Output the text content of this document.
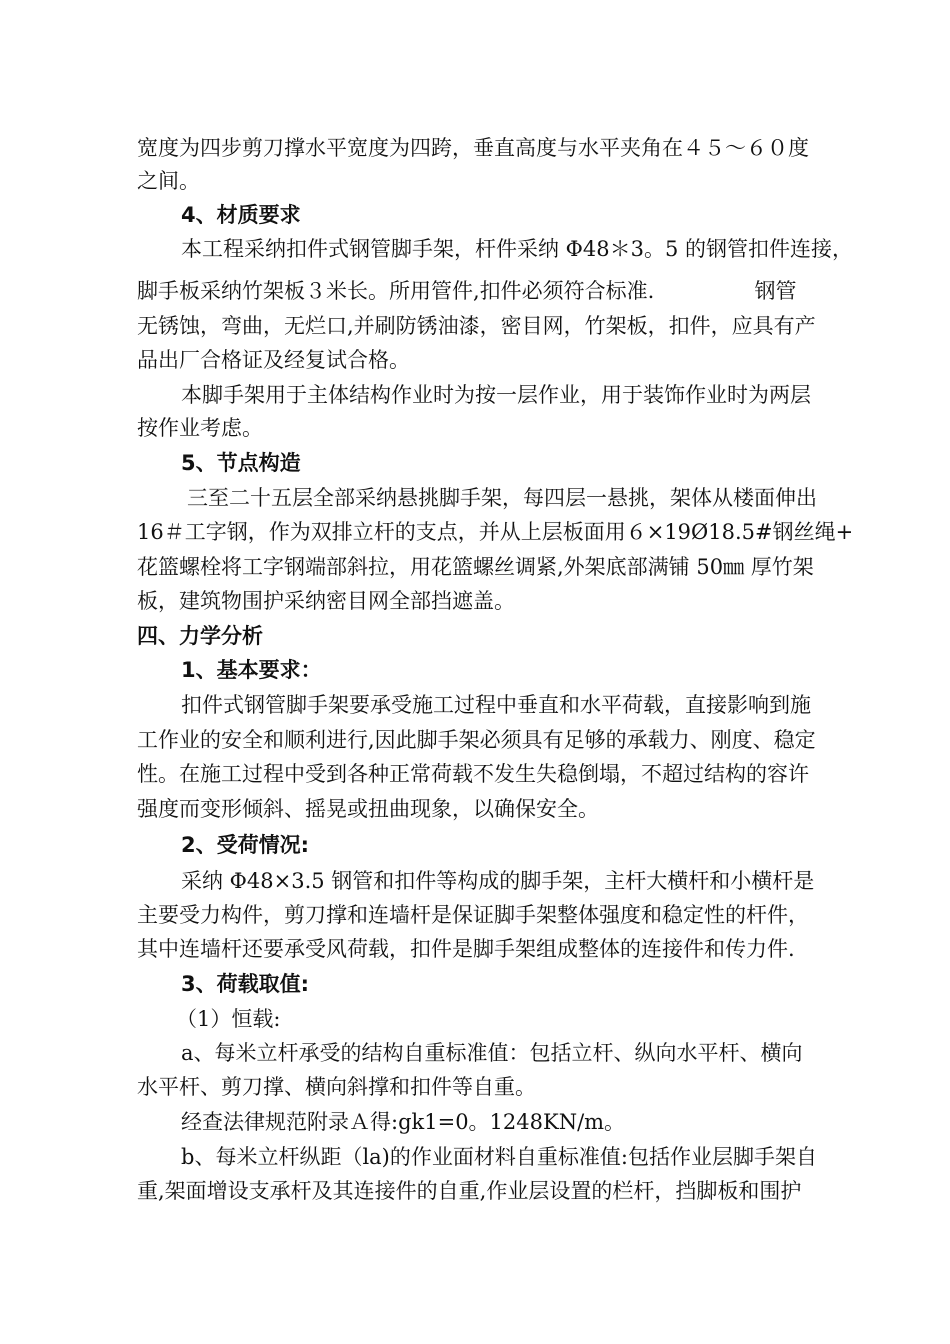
宽度为四步剪刀撑水平宽度为四跨，垂直高度与水平夹角在４５～６０度
之间。
4、材质要求
本工程采纳扣件式钢管脚手架，杆件采纳 Φ48＊3。5 的钢管扣件连接，
脚手板采纳竹架板３米长。所用管件,扣件必须符合标准.               钢管
无锈蚀，弯曲，无烂口,并刷防锈油漆，密目网，竹架板，扣件，应具有产
品出厂合格证及经复试合格。
本脚手架用于主体结构作业时为按一层作业，用于装饰作业时为两层
按作业考虑。
5、节点构造
三至二十五层全部采纳悬挑脚手架，每四层一悬挑，架体从楼面伸出
16＃工字钢，作为双排立杆的支点，并从上层板面用６×19Ø18.5#钢丝绳+
花篮螺栓将工字钢端部斜拉，用花篮螺丝调紧,外架底部满铺 50㎜ 厚竹架
板，建筑物围护采纳密目网全部挡遮盖。
四、力学分析
1、基本要求：
扣件式钢管脚手架要承受施工过程中垂直和水平荷载，直接影响到施
工作业的安全和顺利进行,因此脚手架必须具有足够的承载力、刚度、稳定
性。在施工过程中受到各种正常荷载不发生失稳倒塌，不超过结构的容许
强度而变形倾斜、摇晃或扭曲现象，以确保安全。
2、受荷情况:
采纳 Φ48×3.5 钢管和扣件等构成的脚手架，主杆大横杆和小横杆是
主要受力构件，剪刀撑和连墙杆是保证脚手架整体强度和稳定性的杆件，
其中连墙杆还要承受风荷载，扣件是脚手架组成整体的连接件和传力件.
3、荷载取值:
（1）恒载:
a、每米立杆承受的结构自重标准值：包括立杆、纵向水平杆、横向
水平杆、剪刀撑、横向斜撑和扣件等自重。
经查法律规范附录Ａ得:gk1=0。1248KN/m。
b、每米立杆纵距（la)的作业面材料自重标准值:包括作业层脚手架自
重,架面增设支承杆及其连接件的自重,作业层设置的栏杆，挡脚板和围护
